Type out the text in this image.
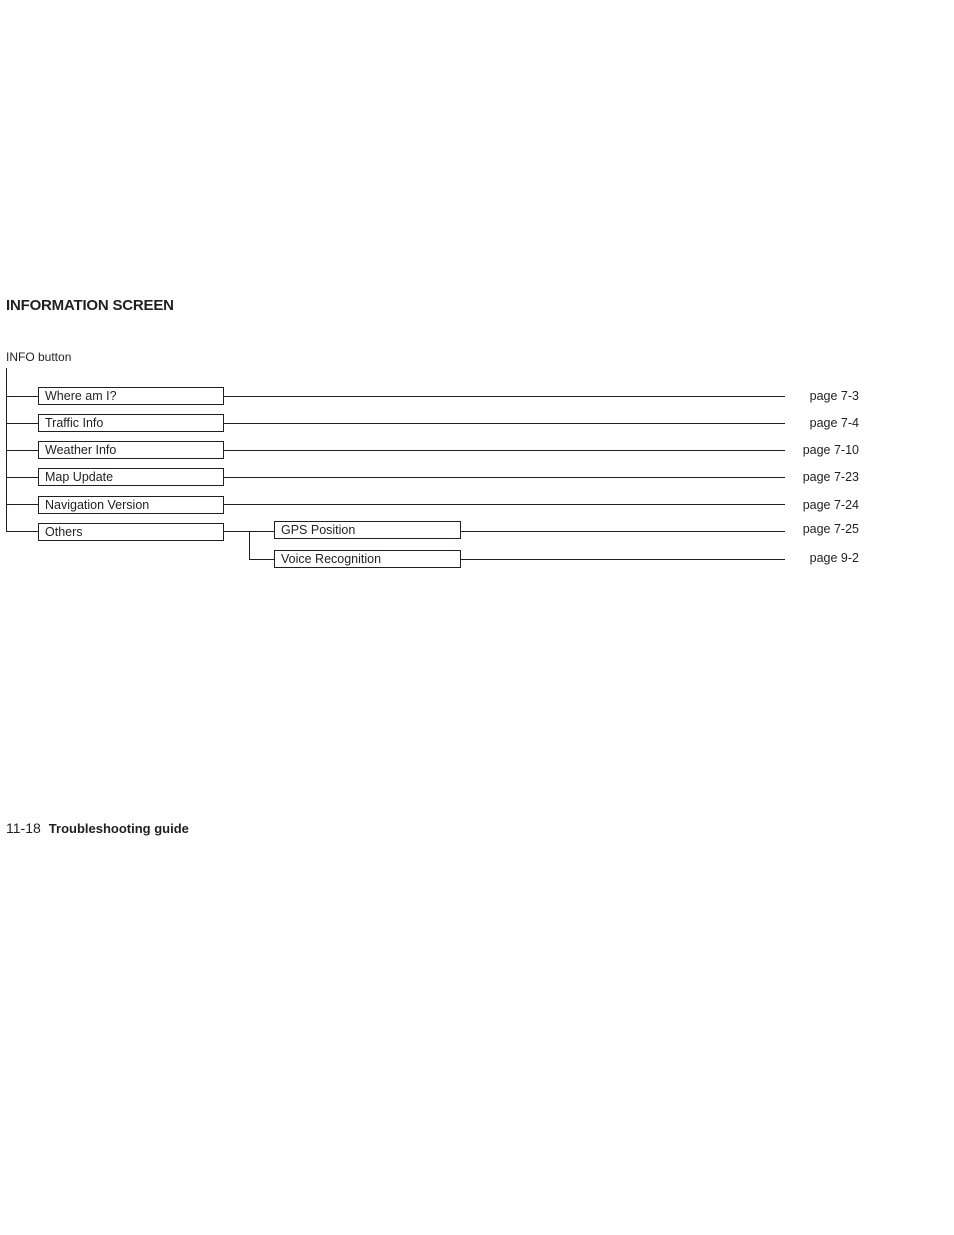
INFORMATION SCREEN
INFO button
Where am I?	page 7-3
Traffic Info	page 7-4
Weather Info	page 7-10
Map Update	page 7-23
Navigation Version	page 7-24
Others	GPS Position	page 7-25
Voice Recognition	page 9-2
11-18 Troubleshooting guide
